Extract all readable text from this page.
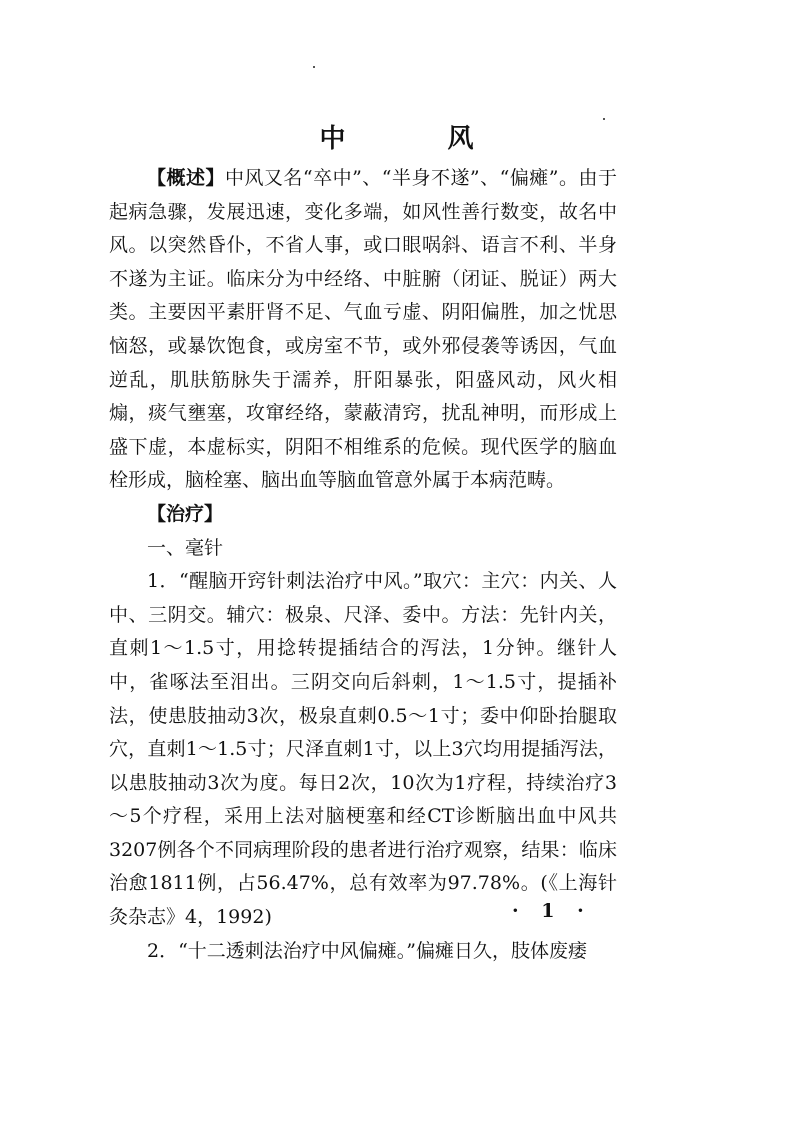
中　风

【概述】中风又名“卒中”、“半身不遂”、“偏瘫”。由于起病急骤，发展迅速，变化多端，如风性善行数变，故名中风。以突然昏仆，不省人事，或口眼㖞斜、语言不利、半身不遂为主证。临床分为中经络、中脏腑（闭证、脱证）两大类。主要因平素肝肾不足、气血亏虚、阴阳偏胜，加之忧思恼怒，或暴饮饱食，或房室不节，或外邪侵袭等诱因，气血逆乱，肌肤筋脉失于濡养，肝阳暴张，阳盛风动，风火相煽，痰气壅塞，攻窜经络，蒙蔽清窍，扰乱神明，而形成上盛下虚，本虚标实，阴阳不相维系的危候。现代医学的脑血栓形成，脑栓塞、脑出血等脑血管意外属于本病范畴。

【治疗】

一、毫针

1．“醒脑开窍针刺法治疗中风。”取穴：主穴：内关、人中、三阴交。辅穴：极泉、尺泽、委中。方法：先针内关，直刺1～1.5寸，用捻转提插结合的泻法，1分钟。继针人中，雀啄法至泪出。三阴交向后斜刺，1～1.5寸，提插补法，使患肢抽动3次，极泉直刺0.5～1寸；委中仰卧抬腿取穴，直刺1～1.5寸；尺泽直刺1寸，以上3穴均用提插泻法，以患肢抽动3次为度。每日2次，10次为1疗程，持续治疗3～5个疗程，采用上法对脑梗塞和经CT诊断脑出血中风共3207例各个不同病理阶段的患者进行治疗观察，结果：临床治愈1811例，占56.47%，总有效率为97.78%。(《上海针灸杂志》4，1992)

2．“十二透刺法治疗中风偏瘫。”偏瘫日久，肢体废痿

· 1 ·
